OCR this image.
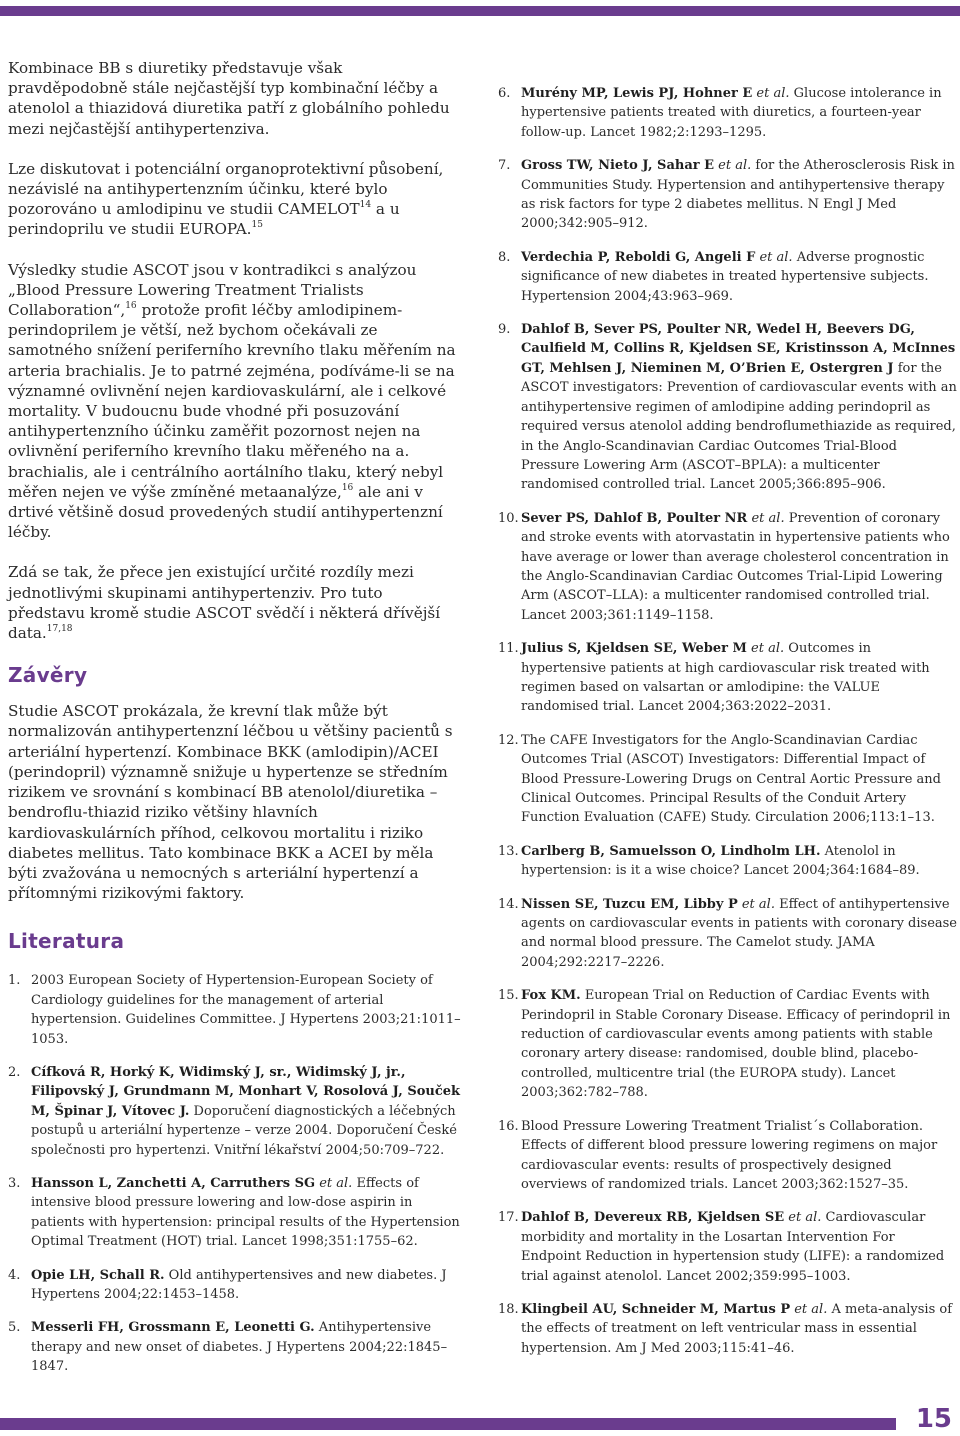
Kombinace BB s diuretiky představuje však pravděpodobně stále nejčastější typ kombinační léčby a atenolol a thiazidová diuretika patří z globálního pohledu mezi nejčastější antihypertenziva.

Lze diskutovat i potenciální organoprotektivní působení, nezávislé na antihypertenzním účinku, které bylo pozorováno u amlodipinu ve studii CAMELOT$^{14}$ a u perindoprilu ve studii EUROPA.$^{15}$

Výsledky studie ASCOT jsou v kontradikci s analýzou „Blood Pressure Lowering Treatment Trialists Collaboration“,$^{16}$ protože profit léčby amlodipinem-perindoprilem je větší, než bychom očekávali ze samotného snížení periferního krevního tlaku měřením na arteria brachialis. Je to patrné zejména, podíváme-li se na významné ovlivnění nejen kardiovaskulární, ale i celkové mortality. V budoucnu bude vhodné při posuzování antihypertenzního účinku zaměřit pozornost nejen na ovlivnění periferního krevního tlaku měřeného na a. brachialis, ale i centrálního aortálního tlaku, který nebyl měřen nejen ve výše zmíněné metaanalýze,$^{16}$ ale ani v drtivé většině dosud provedených studií antihypertenzní léčby.

Zdá se tak, že přece jen existující určité rozdíly mezi jednotlivými skupinami antihypertenziv. Pro tuto představu kromě studie ASCOT svědčí i některá dřívější data.$^{17,18}$

Závěry

Studie ASCOT prokázala, že krevní tlak může být normalizován antihypertenzní léčbou u většiny pacientů s arteriální hypertenzí. Kombinace BKK (amlodipin)/ACEI (perindopril) významně snižuje u hypertenze se středním rizikem ve srovnání s kombinací BB atenolol/diuretika – bendroflu-thiazid riziko většiny hlavních kardiovaskulárních příhod, celkovou mortalitu i riziko diabetes mellitus. Tato kombinace BKK a ACEI by měla býti zvažována u nemocných s arteriální hypertenzí a přítomnými rizikovými faktory.

Literatura
1. 2003 European Society of Hypertension-European Society of Cardiology guidelines for the management of arterial hypertension. Guidelines Committee. J Hypertens 2003;21:1011–1053.
2. Cífková R, Horký K, Widimský J, sr., Widimský J, jr., Filipovský J, Grundmann M, Monhart V, Rosolová J, Souček M, Špinar J, Vítovec J. Doporučení diagnostických a léčebných postupů u arteriální hypertenze – verze 2004. Doporučení České společnosti pro hypertenzi. Vnitřní lékařství 2004;50:709–722.
3. Hansson L, Zanchetti A, Carruthers SG et al. Effects of intensive blood pressure lowering and low-dose aspirin in patients with hypertension: principal results of the Hypertension Optimal Treatment (HOT) trial. Lancet 1998;351:1755–62.
4. Opie LH, Schall R. Old antihypertensives and new diabetes. J Hypertens 2004;22:1453–1458.
5. Messerli FH, Grossmann E, Leonetti G. Antihypertensive therapy and new onset of diabetes. J Hypertens 2004;22:1845–1847.
6. Murény MP, Lewis PJ, Hohner E et al. Glucose intolerance in hypertensive patients treated with diuretics, a fourteen-year follow-up. Lancet 1982;2:1293–1295.
7. Gross TW, Nieto J, Sahar E et al. for the Atherosclerosis Risk in Communities Study. Hypertension and antihypertensive therapy as risk factors for type 2 diabetes mellitus. N Engl J Med 2000;342:905–912.
8. Verdechia P, Reboldi G, Angeli F et al. Adverse prognostic significance of new diabetes in treated hypertensive subjects. Hypertension 2004;43:963–969.
9. Dahlof B, Sever PS, Poulter NR, Wedel H, Beevers DG, Caulfield M, Collins R, Kjeldsen SE, Kristinsson A, McInnes GT, Mehlsen J, Nieminen M, O’Brien E, Ostergren J for the ASCOT investigators: Prevention of cardiovascular events with an antihypertensive regimen of amlodipine adding perindopril as required versus atenolol adding bendroflumethiazide as required, in the Anglo-Scandinavian Cardiac Outcomes Trial-Blood Pressure Lowering Arm (ASCOT–BPLA): a multicenter randomised controlled trial. Lancet 2005;366:895–906.
10. Sever PS, Dahlof B, Poulter NR et al. Prevention of coronary and stroke events with atorvastatin in hypertensive patients who have average or lower than average cholesterol concentration in the Anglo-Scandinavian Cardiac Outcomes Trial-Lipid Lowering Arm (ASCOT–LLA): a multicenter randomised controlled trial. Lancet 2003;361:1149–1158.
11. Julius S, Kjeldsen SE, Weber M et al. Outcomes in hypertensive patients at high cardiovascular risk treated with regimen based on valsartan or amlodipine: the VALUE randomised trial. Lancet 2004;363:2022–2031.
12. The CAFE Investigators for the Anglo-Scandinavian Cardiac Outcomes Trial (ASCOT) Investigators: Differential Impact of Blood Pressure-Lowering Drugs on Central Aortic Pressure and Clinical Outcomes. Principal Results of the Conduit Artery Function Evaluation (CAFE) Study. Circulation 2006;113:1–13.
13. Carlberg B, Samuelsson O, Lindholm LH. Atenolol in hypertension: is it a wise choice? Lancet 2004;364:1684–89.
14. Nissen SE, Tuzcu EM, Libby P et al. Effect of antihypertensive agents on cardiovascular events in patients with coronary disease and normal blood pressure. The Camelot study. JAMA 2004;292:2217–2226.
15. Fox KM. European Trial on Reduction of Cardiac Events with Perindopril in Stable Coronary Disease. Efficacy of perindopril in reduction of cardiovascular events among patients with stable coronary artery disease: randomised, double blind, placebo-controlled, multicentre trial (the EUROPA study). Lancet 2003;362:782–788.
16. Blood Pressure Lowering Treatment Trialist´s Collaboration. Effects of different blood pressure lowering regimens on major cardiovascular events: results of prospectively designed overviews of randomized trials. Lancet 2003;362:1527–35.
17. Dahlof B, Devereux RB, Kjeldsen SE et al. Cardiovascular morbidity and mortality in the Losartan Intervention For Endpoint Reduction in hypertension study (LIFE): a randomized trial against atenolol. Lancet 2002;359:995–1003.
18. Klingbeil AU, Schneider M, Martus P et al. A meta-analysis of the effects of treatment on left ventricular mass in essential hypertension. Am J Med 2003;115:41–46.
15
